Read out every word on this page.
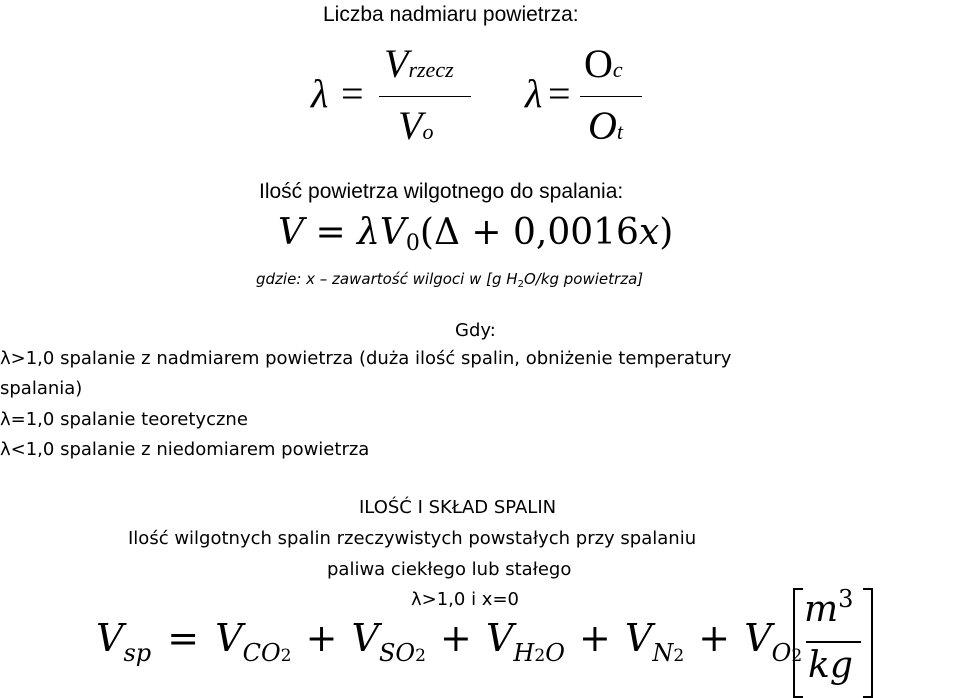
Liczba nadmiaru powietrza:
λ =
Vrzecz
Vo
λ =
Oc
Ot
Ilość powietrza wilgotnego do spalania:
V = λV0(Δ + 0,0016x)
gdzie: x – zawartość wilgoci w [g $H_2O/kg$ powietrza]
Gdy:
λ>1,0 spalanie z nadmiarem powietrza (duża ilość spalin, obniżenie temperatury
spalania)
λ=1,0 spalanie teoretyczne
λ<1,0 spalanie z niedomiarem powietrza
ILOŚĆ I SKŁAD SPALIN
Ilość wilgotnych spalin rzeczywistych powstałych przy spalaniu
paliwa ciekłego lub stałego
λ>1,0 i x=0
$V_{sp} = V_{CO2} + V_{SO2} + V_{H2O} + V_{N2} + V_{O2}$
$m^3$
kg
